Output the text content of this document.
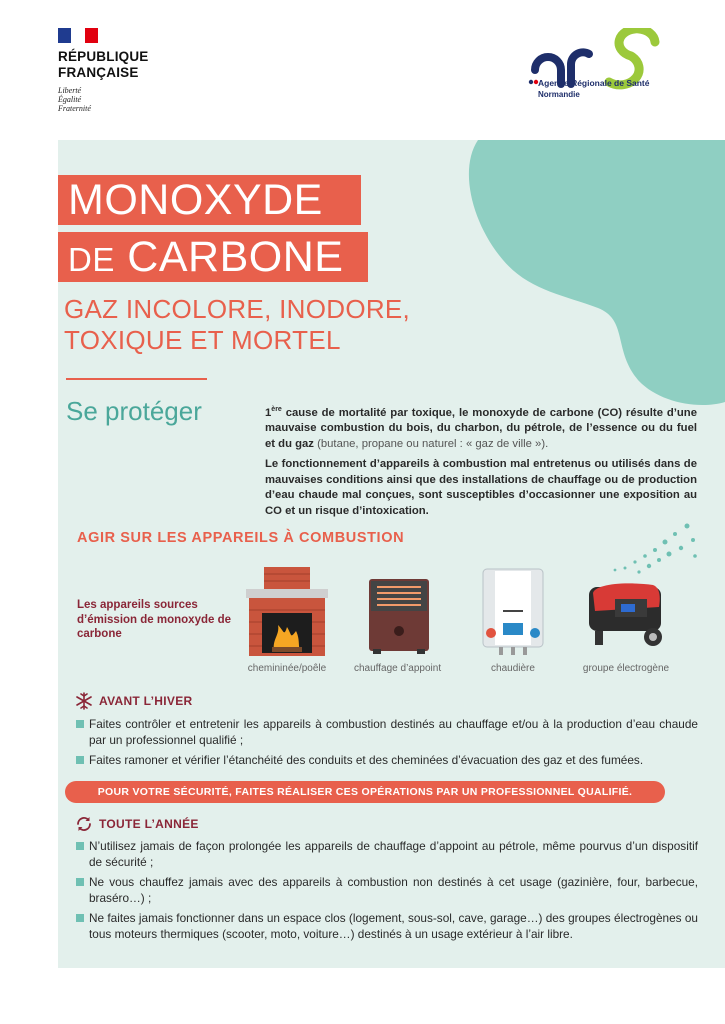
RÉPUBLIQUE
FRANÇAISE
Liberté
Égalité
Fraternité
Agence Régionale de Santé
Normandie
MONOXYDE
DE CARBONE
GAZ INCOLORE, INODORE,
TOXIQUE ET MORTEL
Se protéger	1ère cause de mortalité par toxique, le monoxyde de carbone (CO) résulte d’une mauvaise combustion du bois, du charbon, du pétrole, de l’essence ou du fuel et du gaz (butane, propane ou naturel : « gaz de ville »).

Le fonctionnement d’appareils à combustion mal entretenus ou utilisés dans de mauvaises conditions ainsi que des installations de chauffage ou de production d’eau chaude mal conçues, sont susceptibles d’occasionner une exposition au CO et un risque d’intoxication.

AGIR SUR LES APPAREILS À COMBUSTION
Les appareils sources d’émission de monoxyde de carbone
chemininée/poêle	chauffage d’appoint	chaudière	groupe électrogène
AVANT L’HIVER
Faites contrôler et entretenir les appareils à combustion destinés au chauffage et/ou à la production d’eau chaude par un professionnel qualifié ;
Faites ramoner et vérifier l’étanchéité des conduits et des cheminées d’évacuation des gaz et des fumées.
POUR VOTRE SÉCURITÉ, FAITES RÉALISER CES OPÉRATIONS PAR UN PROFESSIONNEL QUALIFIÉ.
TOUTE L’ANNÉE
N’utilisez jamais de façon prolongée les appareils de chauffage d’appoint au pétrole, même pourvus d’un dispositif de sécurité ;
Ne vous chauffez jamais avec des appareils à combustion non destinés à cet usage (gazinière, four, barbecue, braséro…) ;
Ne faites jamais fonctionner dans un espace clos (logement, sous-sol, cave, garage…) des groupes électrogènes ou tous moteurs thermiques (scooter, moto, voiture…) destinés à un usage extérieur à l’air libre.
